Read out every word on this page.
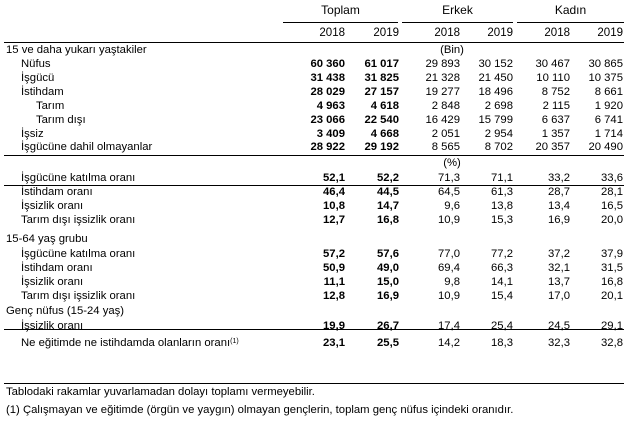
Toplam	Erkek	Kadın
2018	2019	2018	2019	2018	2019
15 ve daha yukarı yaştakiler	(Bin)
Nüfus	60 360	61 017	29 893	30 152	30 467	30 865
İşgücü	31 438	31 825	21 328	21 450	10 110	10 375
İstihdam	28 029	27 157	19 277	18 496	8 752	8 661
Tarım	4 963	4 618	2 848	2 698	2 115	1 920
Tarım dışı	23 066	22 540	16 429	15 799	6 637	6 741
İşsiz	3 409	4 668	2 051	2 954	1 357	1 714
İşgücüne dahil olmayanlar	28 922	29 192	8 565	8 702	20 357	20 490
(%)
İşgücüne katılma oranı	52,1	52,2	71,3	71,1	33,2	33,6
İstihdam oranı	46,4	44,5	64,5	61,3	28,7	28,1
İşsizlik oranı	10,8	14,7	9,6	13,8	13,4	16,5
Tarım dışı işsizlik oranı	12,7	16,8	10,9	15,3	16,9	20,0
15-64 yaş grubu
İşgücüne katılma oranı	57,2	57,6	77,0	77,2	37,2	37,9
İstihdam oranı	50,9	49,0	69,4	66,3	32,1	31,5
İşsizlik oranı	11,1	15,0	9,8	14,1	13,7	16,8
Tarım dışı işsizlik oranı	12,8	16,9	10,9	15,4	17,0	20,1
Genç nüfus (15-24 yaş)
İşsizlik oranı	19,9	26,7	17,4	25,4	24,5	29,1
Ne eğitimde ne istihdamda olanların oranı$^{(1)}$	23,1	25,5	14,2	18,3	32,3	32,8
Tablodaki rakamlar yuvarlamadan dolayı toplamı vermeyebilir.
(1) Çalışmayan ve eğitimde (örgün ve yaygın) olmayan gençlerin, toplam genç nüfus içindeki oranıdır.
